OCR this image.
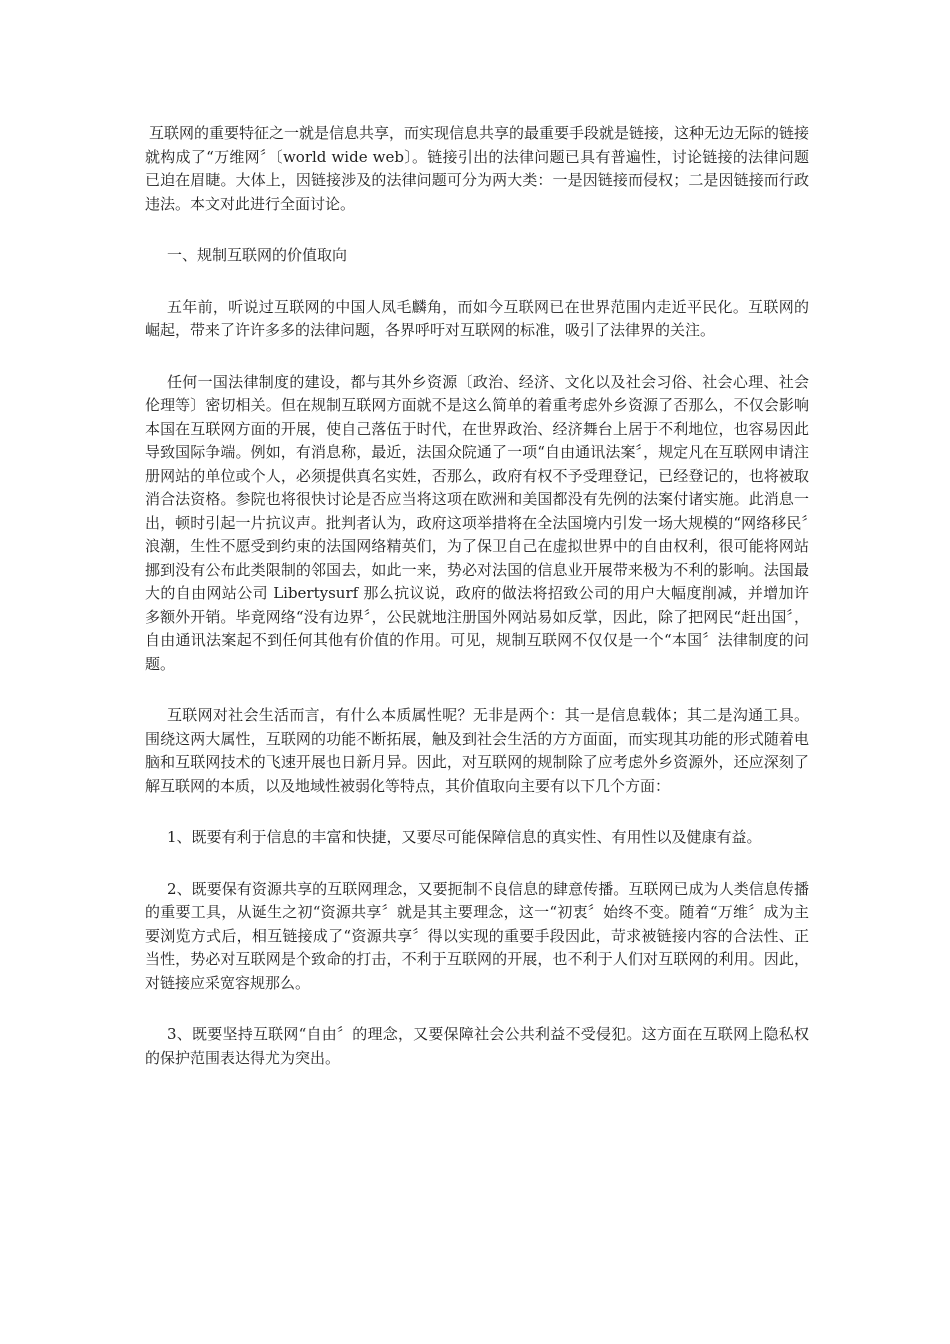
互联网的重要特征之一就是信息共享，而实现信息共享的最重要手段就是链接，这种无边无际的链接就构成了“万维网〞〔world wide web〕。链接引出的法律问题已具有普遍性，讨论链接的法律问题已迫在眉睫。大体上，因链接涉及的法律问题可分为两大类：一是因链接而侵权；二是因链接而行政违法。本文对此进行全面讨论。

一、规制互联网的价值取向

五年前，听说过互联网的中国人凤毛麟角，而如今互联网已在世界范围内走近平民化。互联网的崛起，带来了许许多多的法律问题，各界呼吁对互联网的标准，吸引了法律界的关注。

任何一国法律制度的建设，都与其外乡资源〔政治、经济、文化以及社会习俗、社会心理、社会伦理等〕密切相关。但在规制互联网方面就不是这么简单的着重考虑外乡资源了否那么，不仅会影响本国在互联网方面的开展，使自己落伍于时代，在世界政治、经济舞台上居于不利地位，也容易因此导致国际争端。例如，有消息称，最近，法国众院通了一项“自由通讯法案〞，规定凡在互联网申请注册网站的单位或个人，必须提供真名实姓，否那么，政府有权不予受理登记，已经登记的，也将被取消合法资格。参院也将很快讨论是否应当将这项在欧洲和美国都没有先例的法案付诸实施。此消息一出，顿时引起一片抗议声。批判者认为，政府这项举措将在全法国境内引发一场大规模的“网络移民〞浪潮，生性不愿受到约束的法国网络精英们，为了保卫自己在虚拟世界中的自由权利，很可能将网站挪到没有公布此类限制的邻国去，如此一来，势必对法国的信息业开展带来极为不利的影响。法国最大的自由网站公司 Libertysurf 那么抗议说，政府的做法将招致公司的用户大幅度削减，并增加许多额外开销。毕竟网络“没有边界〞，公民就地注册国外网站易如反掌，因此，除了把网民“赶出国〞，自由通讯法案起不到任何其他有价值的作用。可见，规制互联网不仅仅是一个“本国〞法律制度的问题。

互联网对社会生活而言，有什么本质属性呢？无非是两个：其一是信息载体；其二是沟通工具。围绕这两大属性，互联网的功能不断拓展，触及到社会生活的方方面面，而实现其功能的形式随着电脑和互联网技术的飞速开展也日新月异。因此，对互联网的规制除了应考虑外乡资源外，还应深刻了解互联网的本质，以及地域性被弱化等特点，其价值取向主要有以下几个方面：

1、既要有利于信息的丰富和快捷，又要尽可能保障信息的真实性、有用性以及健康有益。

2、既要保有资源共享的互联网理念，又要扼制不良信息的肆意传播。互联网已成为人类信息传播的重要工具，从诞生之初“资源共享〞就是其主要理念，这一“初衷〞始终不变。随着“万维〞成为主要浏览方式后，相互链接成了“资源共享〞得以实现的重要手段因此，苛求被链接内容的合法性、正当性，势必对互联网是个致命的打击，不利于互联网的开展，也不利于人们对互联网的利用。因此，对链接应采宽容规那么。

3、既要坚持互联网“自由〞的理念，又要保障社会公共利益不受侵犯。这方面在互联网上隐私权的保护范围表达得尤为突出。
